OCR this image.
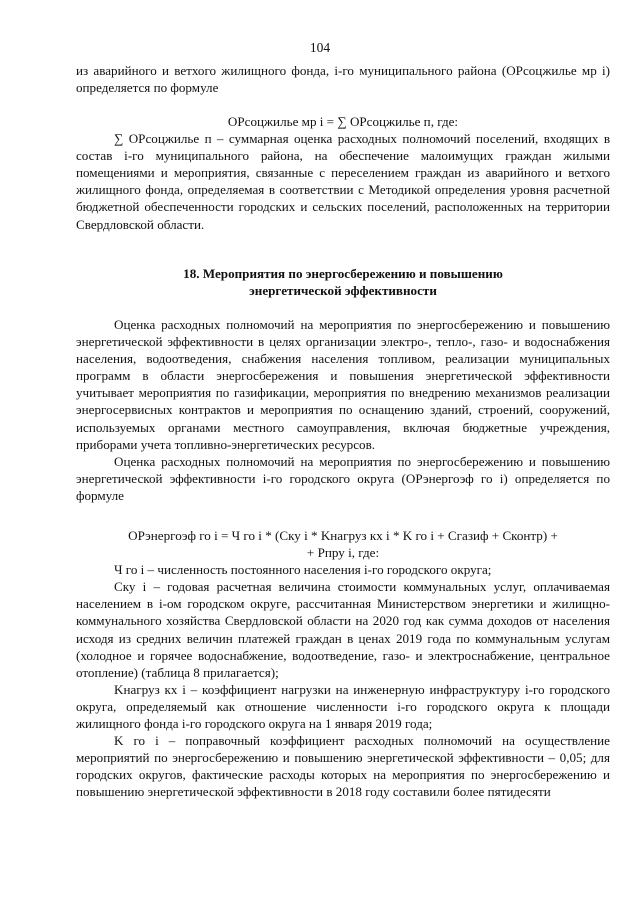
104

из аварийного и ветхого жилищного фонда, i-го муниципального района (ОРсоцжилье мр i) определяется по формуле

ОРсоцжилье мр i = ∑ ОРсоцжилье п, где:

∑ ОРсоцжилье п – суммарная оценка расходных полномочий поселений, входящих в состав i-го муниципального района, на обеспечение малоимущих граждан жилыми помещениями и мероприятия, связанные с переселением граждан из аварийного и ветхого жилищного фонда, определяемая в соответствии с Методикой определения уровня расчетной бюджетной обеспеченности городских и сельских поселений, расположенных на территории Свердловской области.

18. Мероприятия по энергосбережению и повышению

энергетической эффективности

Оценка расходных полномочий на мероприятия по энергосбережению и повышению энергетической эффективности в целях организации электро-, тепло-, газо- и водоснабжения населения, водоотведения, снабжения населения топливом, реализации муниципальных программ в области энергосбережения и повышения энергетической эффективности учитывает мероприятия по газификации, мероприятия по внедрению механизмов реализации энергосервисных контрактов и мероприятия по оснащению зданий, строений, сооружений, используемых органами местного самоуправления, включая бюджетные учреждения, приборами учета топливно-энергетических ресурсов.

Оценка расходных полномочий на мероприятия по энергосбережению и повышению энергетической эффективности i-го городского округа (ОРэнергоэф го i) определяется по формуле

ОРэнергоэф го i = Ч го i * (Cку i * Kнагруз кх i * K го i + Сгазиф + Сконтр) +

+ Рпру i, где:

Ч го i – численность постоянного населения i-го городского округа;

Cку i – годовая расчетная величина стоимости коммунальных услуг, оплачиваемая населением в i-ом городском округе, рассчитанная Министерством энергетики и жилищно-коммунального хозяйства Свердловской области на 2020 год как сумма доходов от населения исходя из средних величин платежей граждан в ценах 2019 года по коммунальным услугам (холодное и горячее водоснабжение, водоотведение, газо- и электроснабжение, центральное отопление) (таблица 8 прилагается);

Kнагруз кх i – коэффициент нагрузки на инженерную инфраструктуру i-го городского округа, определяемый как отношение численности i-го городского округа к площади жилищного фонда i-го городского округа на 1 января 2019 года;

K го i – поправочный коэффициент расходных полномочий на осуществление мероприятий по энергосбережению и повышению энергетической эффективности – 0,05; для городских округов, фактические расходы которых на мероприятия по энергосбережению и повышению энергетической эффективности в 2018 году составили более пятидесяти
